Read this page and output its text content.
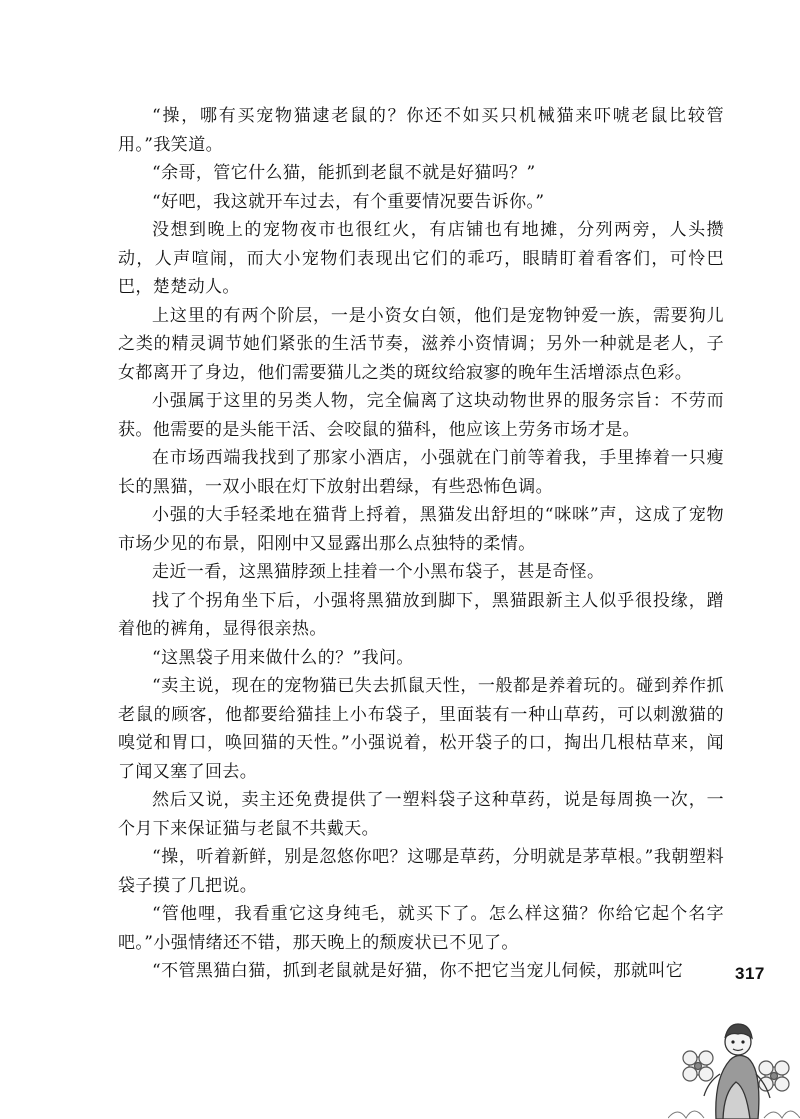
“操，哪有买宠物猫逮老鼠的？你还不如买只机械猫来吓唬老鼠比较管用。”我笑道。

“余哥，管它什么猫，能抓到老鼠不就是好猫吗？”

“好吧，我这就开车过去，有个重要情况要告诉你。”

没想到晚上的宠物夜市也很红火，有店铺也有地摊，分列两旁，人头攒动，人声喧闹，而大小宠物们表现出它们的乖巧，眼睛盯着看客们，可怜巴巴，楚楚动人。

上这里的有两个阶层，一是小资女白领，他们是宠物钟爱一族，需要狗儿之类的精灵调节她们紧张的生活节奏，滋养小资情调；另外一种就是老人，子女都离开了身边，他们需要猫儿之类的斑纹给寂寥的晚年生活增添点色彩。

小强属于这里的另类人物，完全偏离了这块动物世界的服务宗旨：不劳而获。他需要的是头能干活、会咬鼠的猫科，他应该上劳务市场才是。

在市场西端我找到了那家小酒店，小强就在门前等着我，手里捧着一只瘦长的黑猫，一双小眼在灯下放射出碧绿，有些恐怖色调。

小强的大手轻柔地在猫背上捋着，黑猫发出舒坦的“咪咪”声，这成了宠物市场少见的布景，阳刚中又显露出那么点独特的柔情。

走近一看，这黑猫脖颈上挂着一个小黑布袋子，甚是奇怪。

找了个拐角坐下后，小强将黑猫放到脚下，黑猫跟新主人似乎很投缘，蹭着他的裤角，显得很亲热。

“这黑袋子用来做什么的？”我问。

“卖主说，现在的宠物猫已失去抓鼠天性，一般都是养着玩的。碰到养作抓老鼠的顾客，他都要给猫挂上小布袋子，里面装有一种山草药，可以刺激猫的嗅觉和胃口，唤回猫的天性。”小强说着，松开袋子的口，掏出几根枯草来，闻了闻又塞了回去。

然后又说，卖主还免费提供了一塑料袋子这种草药，说是每周换一次，一个月下来保证猫与老鼠不共戴天。

“操，听着新鲜，别是忽悠你吧？这哪是草药，分明就是茅草根。”我朝塑料袋子摸了几把说。

“管他哩，我看重它这身纯毛，就买下了。怎么样这猫？你给它起个名字吧。”小强情绪还不错，那天晚上的颓废状已不见了。

“不管黑猫白猫，抓到老鼠就是好猫，你不把它当宠儿伺候，那就叫它	317
